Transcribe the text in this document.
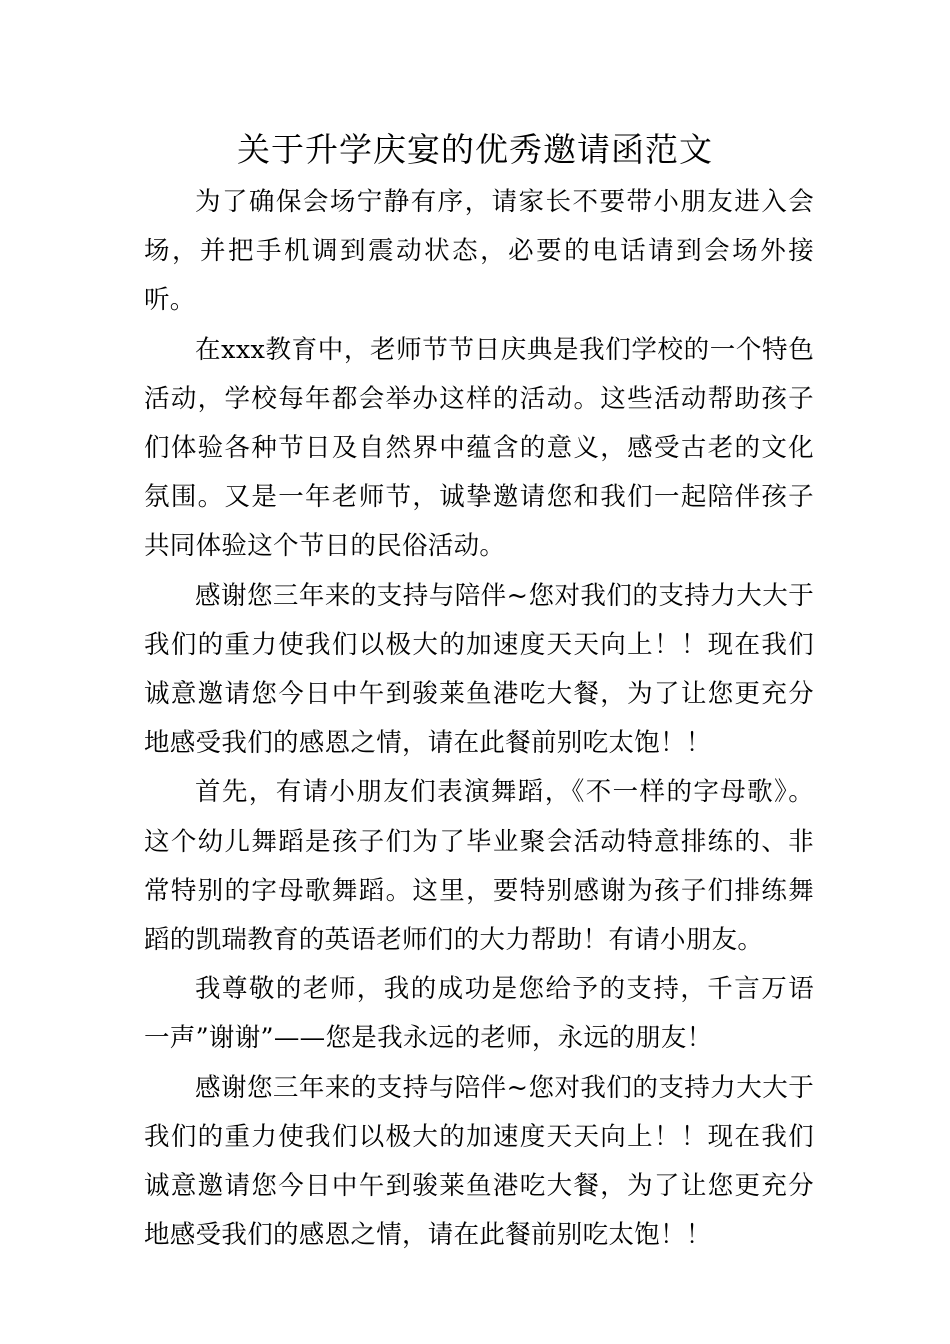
关于升学庆宴的优秀邀请函范文

为了确保会场宁静有序，请家长不要带小朋友进入会场，并把手机调到震动状态，必要的电话请到会场外接听。

在xxx教育中，老师节节日庆典是我们学校的一个特色活动，学校每年都会举办这样的活动。这些活动帮助孩子们体验各种节日及自然界中蕴含的意义，感受古老的文化氛围。又是一年老师节，诚挚邀请您和我们一起陪伴孩子共同体验这个节日的民俗活动。

感谢您三年来的支持与陪伴~您对我们的支持力大大于我们的重力使我们以极大的加速度天天向上！！现在我们诚意邀请您今日中午到骏莱鱼港吃大餐，为了让您更充分地感受我们的感恩之情，请在此餐前别吃太饱！！

首先，有请小朋友们表演舞蹈，《不一样的字母歌》。这个幼儿舞蹈是孩子们为了毕业聚会活动特意排练的、非常特别的字母歌舞蹈。这里，要特别感谢为孩子们排练舞蹈的凯瑞教育的英语老师们的大力帮助！有请小朋友。

我尊敬的老师，我的成功是您给予的支持，千言万语一声”谢谢”——您是我永远的老师，永远的朋友！

感谢您三年来的支持与陪伴~您对我们的支持力大大于我们的重力使我们以极大的加速度天天向上！！现在我们诚意邀请您今日中午到骏莱鱼港吃大餐，为了让您更充分地感受我们的感恩之情，请在此餐前别吃太饱！！
